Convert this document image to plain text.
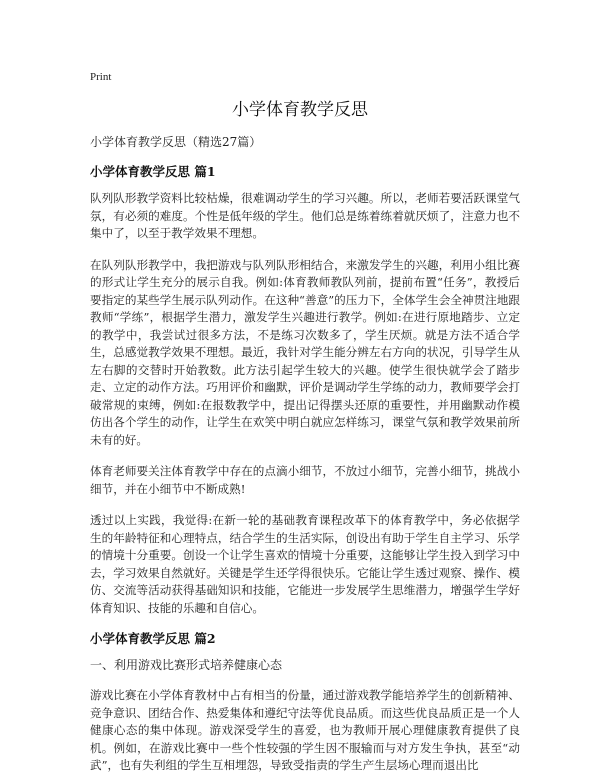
Print
小学体育教学反思

小学体育教学反思（精选27篇）

小学体育教学反思 篇1

队列队形教学资料比较枯燥，很难调动学生的学习兴趣。所以，老师若要活跃课堂气氛，有必须的难度。个性是低年级的学生。他们总是练着练着就厌烦了，注意力也不集中了，以至于教学效果不理想。

在队列队形教学中，我把游戏与队列队形相结合，来激发学生的兴趣，利用小组比赛的形式让学生充分的展示自我。例如:体育教师教队列前，提前布置“任务”，教授后要指定的某些学生展示队列动作。在这种“善意”的压力下，全体学生会全神贯注地跟教师“学练”，根据学生潜力，激发学生兴趣进行教学。例如:在进行原地踏步、立定的教学中，我尝试过很多方法，不是练习次数多了，学生厌烦。就是方法不适合学生，总感觉教学效果不理想。最近，我针对学生能分辨左右方向的状况，引导学生从左右脚的交替时开始教数。此方法引起学生较大的兴趣。使学生很快就学会了踏步走、立定的动作方法。巧用评价和幽默，评价是调动学生学练的动力，教师要学会打破常规的束缚，例如:在报数教学中，提出记得摆头还原的重要性，并用幽默动作模仿出各个学生的动作，让学生在欢笑中明白就应怎样练习，课堂气氛和教学效果前所未有的好。

体育老师要关注体育教学中存在的点滴小细节，不放过小细节，完善小细节，挑战小细节，并在小细节中不断成熟!

透过以上实践，我觉得:在新一轮的基础教育课程改革下的体育教学中，务必依据学生的年龄特征和心理特点，结合学生的生活实际，创设出有助于学生自主学习、乐学的情境十分重要。创设一个让学生喜欢的情境十分重要，这能够让学生投入到学习中去，学习效果自然就好。关键是学生还学得很快乐。它能让学生透过观察、操作、模仿、交流等活动获得基础知识和技能，它能进一步发展学生思维潜力，增强学生学好体育知识、技能的乐趣和自信心。

小学体育教学反思 篇2

一、利用游戏比赛形式培养健康心态

游戏比赛在小学体育教材中占有相当的份量，通过游戏教学能培养学生的创新精神、竞争意识、团结合作、热爱集体和遵纪守法等优良品质。而这些优良品质正是一个人健康心态的集中体现。游戏深受学生的喜爱，也为教师开展心理健康教育提供了良机。例如，在游戏比赛中一些个性较强的学生因不服输而与对方发生争执，甚至“动武”，也有失利组的学生互相埋怨，导致受指责的学生产生层场心理而退出比
